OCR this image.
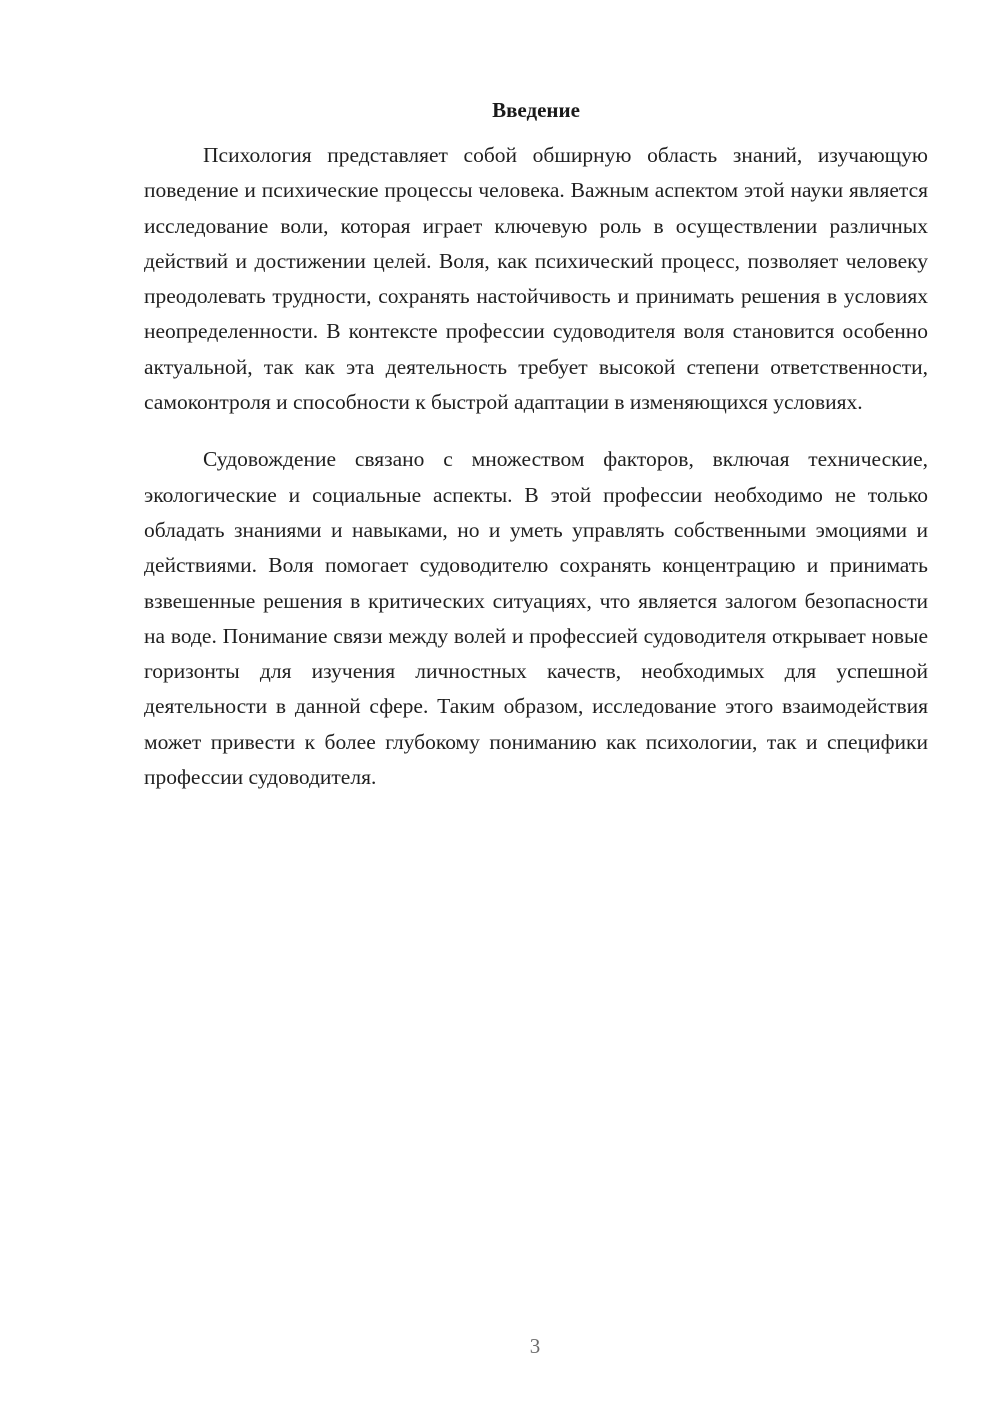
Введение

Психология представляет собой обширную область знаний, изучающую поведение и психические процессы человека. Важным аспектом этой науки является исследование воли, которая играет ключевую роль в осуществлении различных действий и достижении целей. Воля, как психический процесс, позволяет человеку преодолевать трудности, сохранять настойчивость и принимать решения в условиях неопределенности. В контексте профессии судоводителя воля становится особенно актуальной, так как эта деятельность требует высокой степени ответственности, самоконтроля и способности к быстрой адаптации в изменяющихся условиях.

Судовождение связано с множеством факторов, включая технические, экологические и социальные аспекты. В этой профессии необходимо не только обладать знаниями и навыками, но и уметь управлять собственными эмоциями и действиями. Воля помогает судоводителю сохранять концентрацию и принимать взвешенные решения в критических ситуациях, что является залогом безопасности на воде. Понимание связи между волей и профессией судоводителя открывает новые горизонты для изучения личностных качеств, необходимых для успешной деятельности в данной сфере. Таким образом, исследование этого взаимодействия может привести к более глубокому пониманию как психологии, так и специфики профессии судоводителя.

3
